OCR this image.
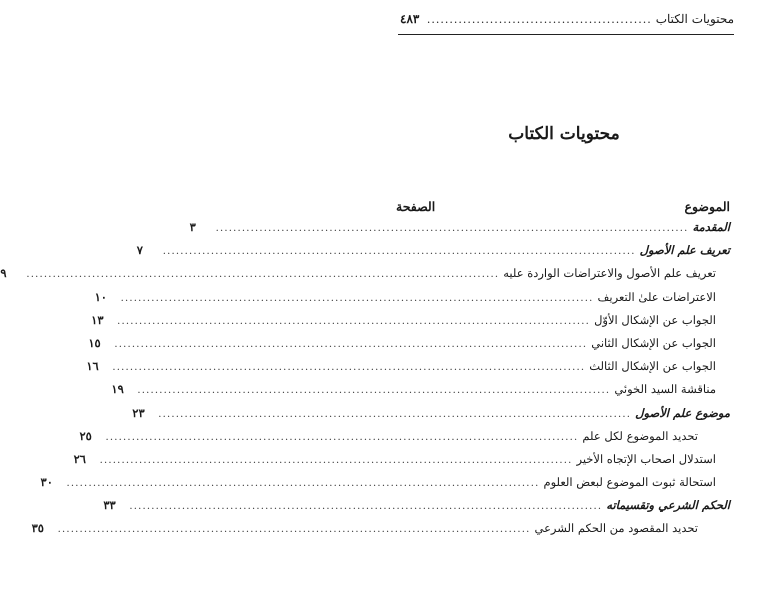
محتويات الكتاب
..................................................
٤٨٣
محتويات الكتاب
الموضوع
الصفحة
المقدمة
............................................................................................................
٣
تعريف علم الأصول
............................................................................................................
٧
تعريف علم الأصول والاعتراضات الواردة عليه
............................................................................................................
٩
الاعتراضات علىٰ التعريف
............................................................................................................
١٠
الجواب عن الإشكال الأوّل
............................................................................................................
١٣
الجواب عن الإشكال الثاني
............................................................................................................
١٥
الجواب عن الإشكال الثالث
............................................................................................................
١٦
مناقشة السيد الخوئي
............................................................................................................
١٩
موضوع علم الأصول
............................................................................................................
٢٣
تحديد الموضوع لكل علم
............................................................................................................
٢٥
استدلال اصحاب الإتجاه الأخير
............................................................................................................
٢٦
استحالة ثبوت الموضوع لبعض العلوم
............................................................................................................
٣٠
الحكم الشرعي وتقسيماته
............................................................................................................
٣٣
تحديد المقصود من الحكم الشرعي
............................................................................................................
٣٥
